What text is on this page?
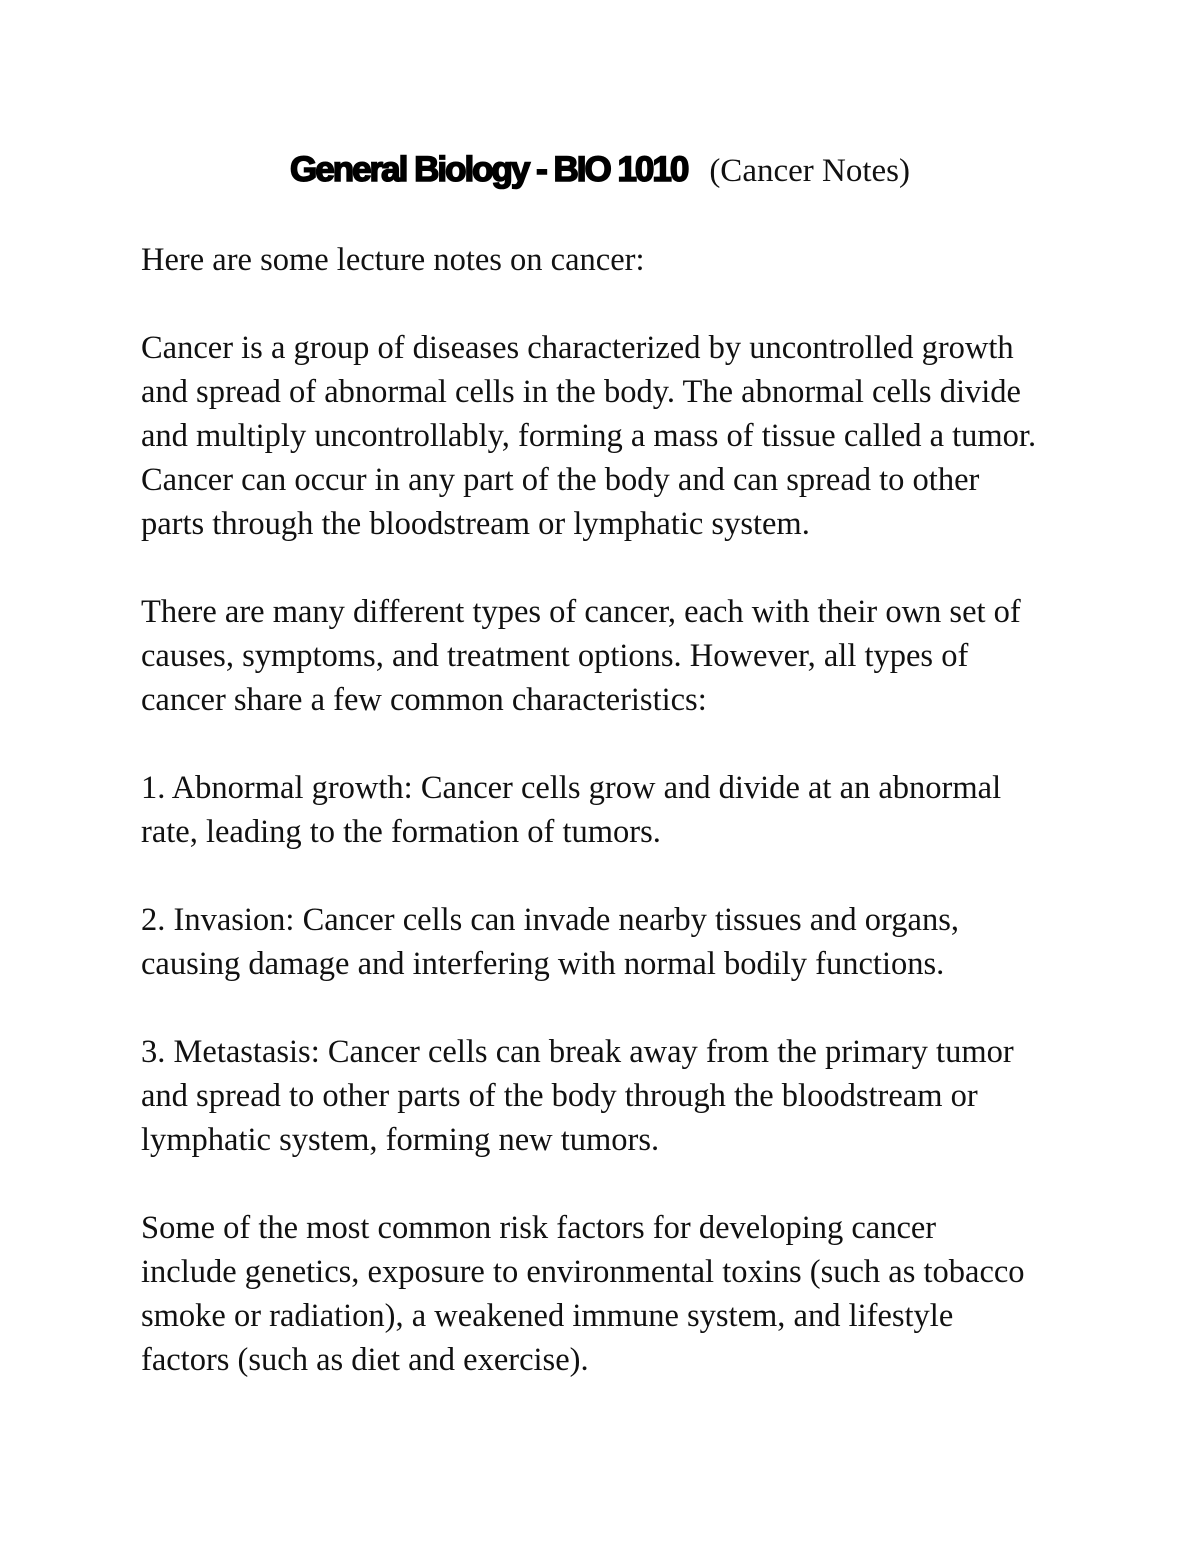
General Biology - BIO 1010 (Cancer Notes)

Here are some lecture notes on cancer:

Cancer is a group of diseases characterized by uncontrolled growth
and spread of abnormal cells in the body. The abnormal cells divide
and multiply uncontrollably, forming a mass of tissue called a tumor.
Cancer can occur in any part of the body and can spread to other
parts through the bloodstream or lymphatic system.

There are many different types of cancer, each with their own set of
causes, symptoms, and treatment options. However, all types of
cancer share a few common characteristics:

1. Abnormal growth: Cancer cells grow and divide at an abnormal
rate, leading to the formation of tumors.

2. Invasion: Cancer cells can invade nearby tissues and organs,
causing damage and interfering with normal bodily functions.

3. Metastasis: Cancer cells can break away from the primary tumor
and spread to other parts of the body through the bloodstream or
lymphatic system, forming new tumors.

Some of the most common risk factors for developing cancer
include genetics, exposure to environmental toxins (such as tobacco
smoke or radiation), a weakened immune system, and lifestyle
factors (such as diet and exercise).
